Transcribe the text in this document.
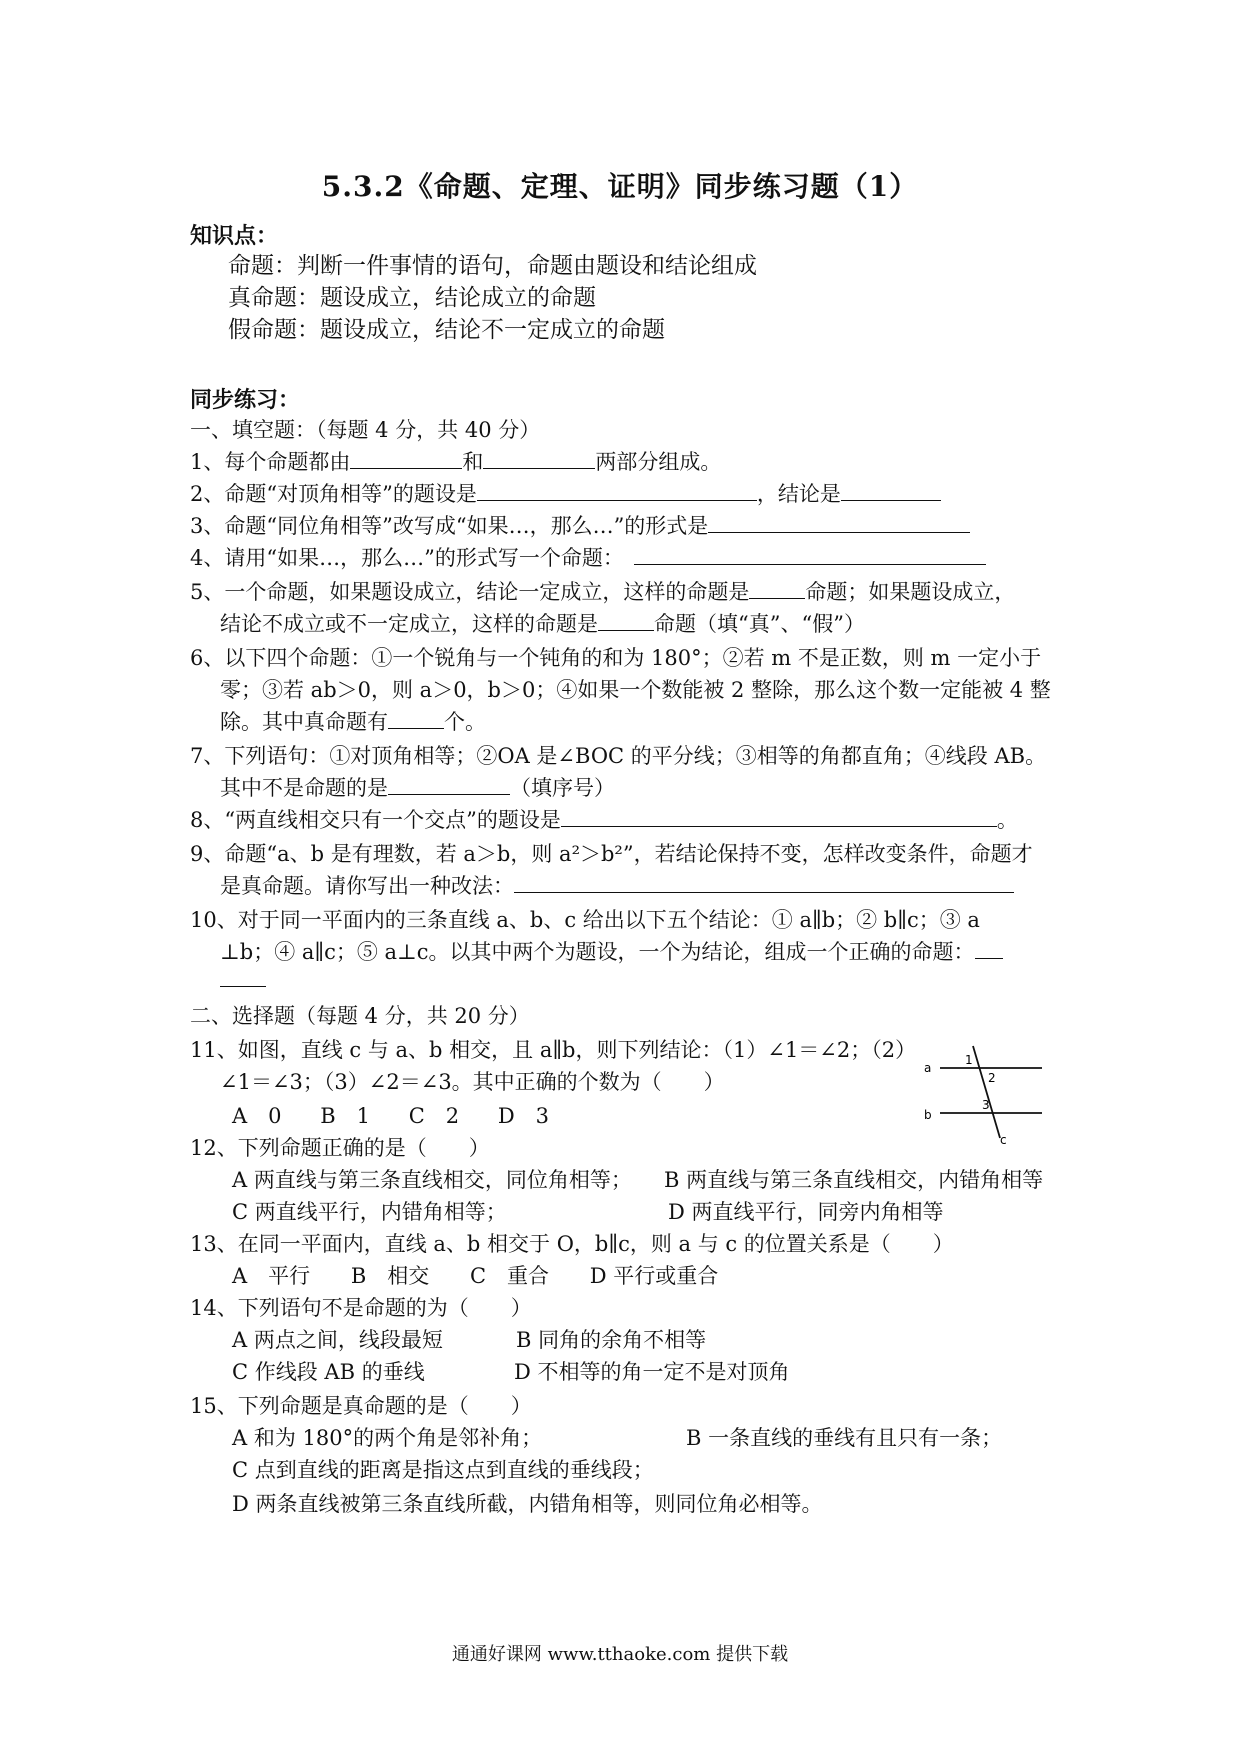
5.3.2《命题、定理、证明》同步练习题（1）
知识点：
命题：判断一件事情的语句，命题由题设和结论组成
真命题：题设成立，结论成立的命题
假命题：题设成立，结论不一定成立的命题
同步练习：
一、填空题：（每题 4 分，共 40 分）
1、每个命题都由	和	两部分组成。
2、命题“对顶角相等”的题设是	，结论是
3、命题“同位角相等”改写成“如果…，那么…”的形式是
4、请用“如果…，那么…”的形式写一个命题：
5、一个命题，如果题设成立，结论一定成立，这样的命题是	命题；如果题设成立，
结论不成立或不一定成立，这样的命题是	命题（填“真”、“假”）
6、以下四个命题：①一个锐角与一个钝角的和为 180°；②若 m 不是正数，则 m 一定小于
零；③若 ab＞0，则 a＞0，b＞0；④如果一个数能被 2 整除，那么这个数一定能被 4 整
除。其中真命题有	个。
7、下列语句：①对顶角相等；②OA 是∠BOC 的平分线；③相等的角都直角；④线段 AB。
其中不是命题的是	（填序号）
8、“两直线相交只有一个交点”的题设是	。
9、命题“a、b 是有理数，若 a＞b，则 a²＞b²”，若结论保持不变，怎样改变条件，命题才
是真命题。请你写出一种改法：
10、对于同一平面内的三条直线 a、b、c 给出以下五个结论：① a∥b；② b∥c；③ a
⊥b；④ a∥c；⑤ a⊥c。以其中两个为题设，一个为结论，组成一个正确的命题：
二、选择题（每题 4 分，共 20 分）
11、如图，直线 c 与 a、b 相交，且 a∥b，则下列结论：（1）∠1＝∠2；（2）
∠1＝∠3；（3）∠2＝∠3。其中正确的个数为（　　）
A　0 B　1 C　2 D　3
a
b
c
1
2
3
12、下列命题正确的是（　　）
A 两直线与第三条直线相交，同位角相等； B 两直线与第三条直线相交，内错角相等
C 两直线平行，内错角相等；	D 两直线平行，同旁内角相等
13、在同一平面内，直线 a、b 相交于 O，b∥c，则 a 与 c 的位置关系是（　　）
A　平行 B　相交 C　重合 D 平行或重合
14、下列语句不是命题的为（　　）
A 两点之间，线段最短	B 同角的余角不相等
C 作线段 AB 的垂线	D 不相等的角一定不是对顶角
15、下列命题是真命题的是（　　）
A 和为 180°的两个角是邻补角；	B 一条直线的垂线有且只有一条；
C 点到直线的距离是指这点到直线的垂线段；
D 两条直线被第三条直线所截，内错角相等，则同位角必相等。
通通好课网 www.tthaoke.com 提供下载
